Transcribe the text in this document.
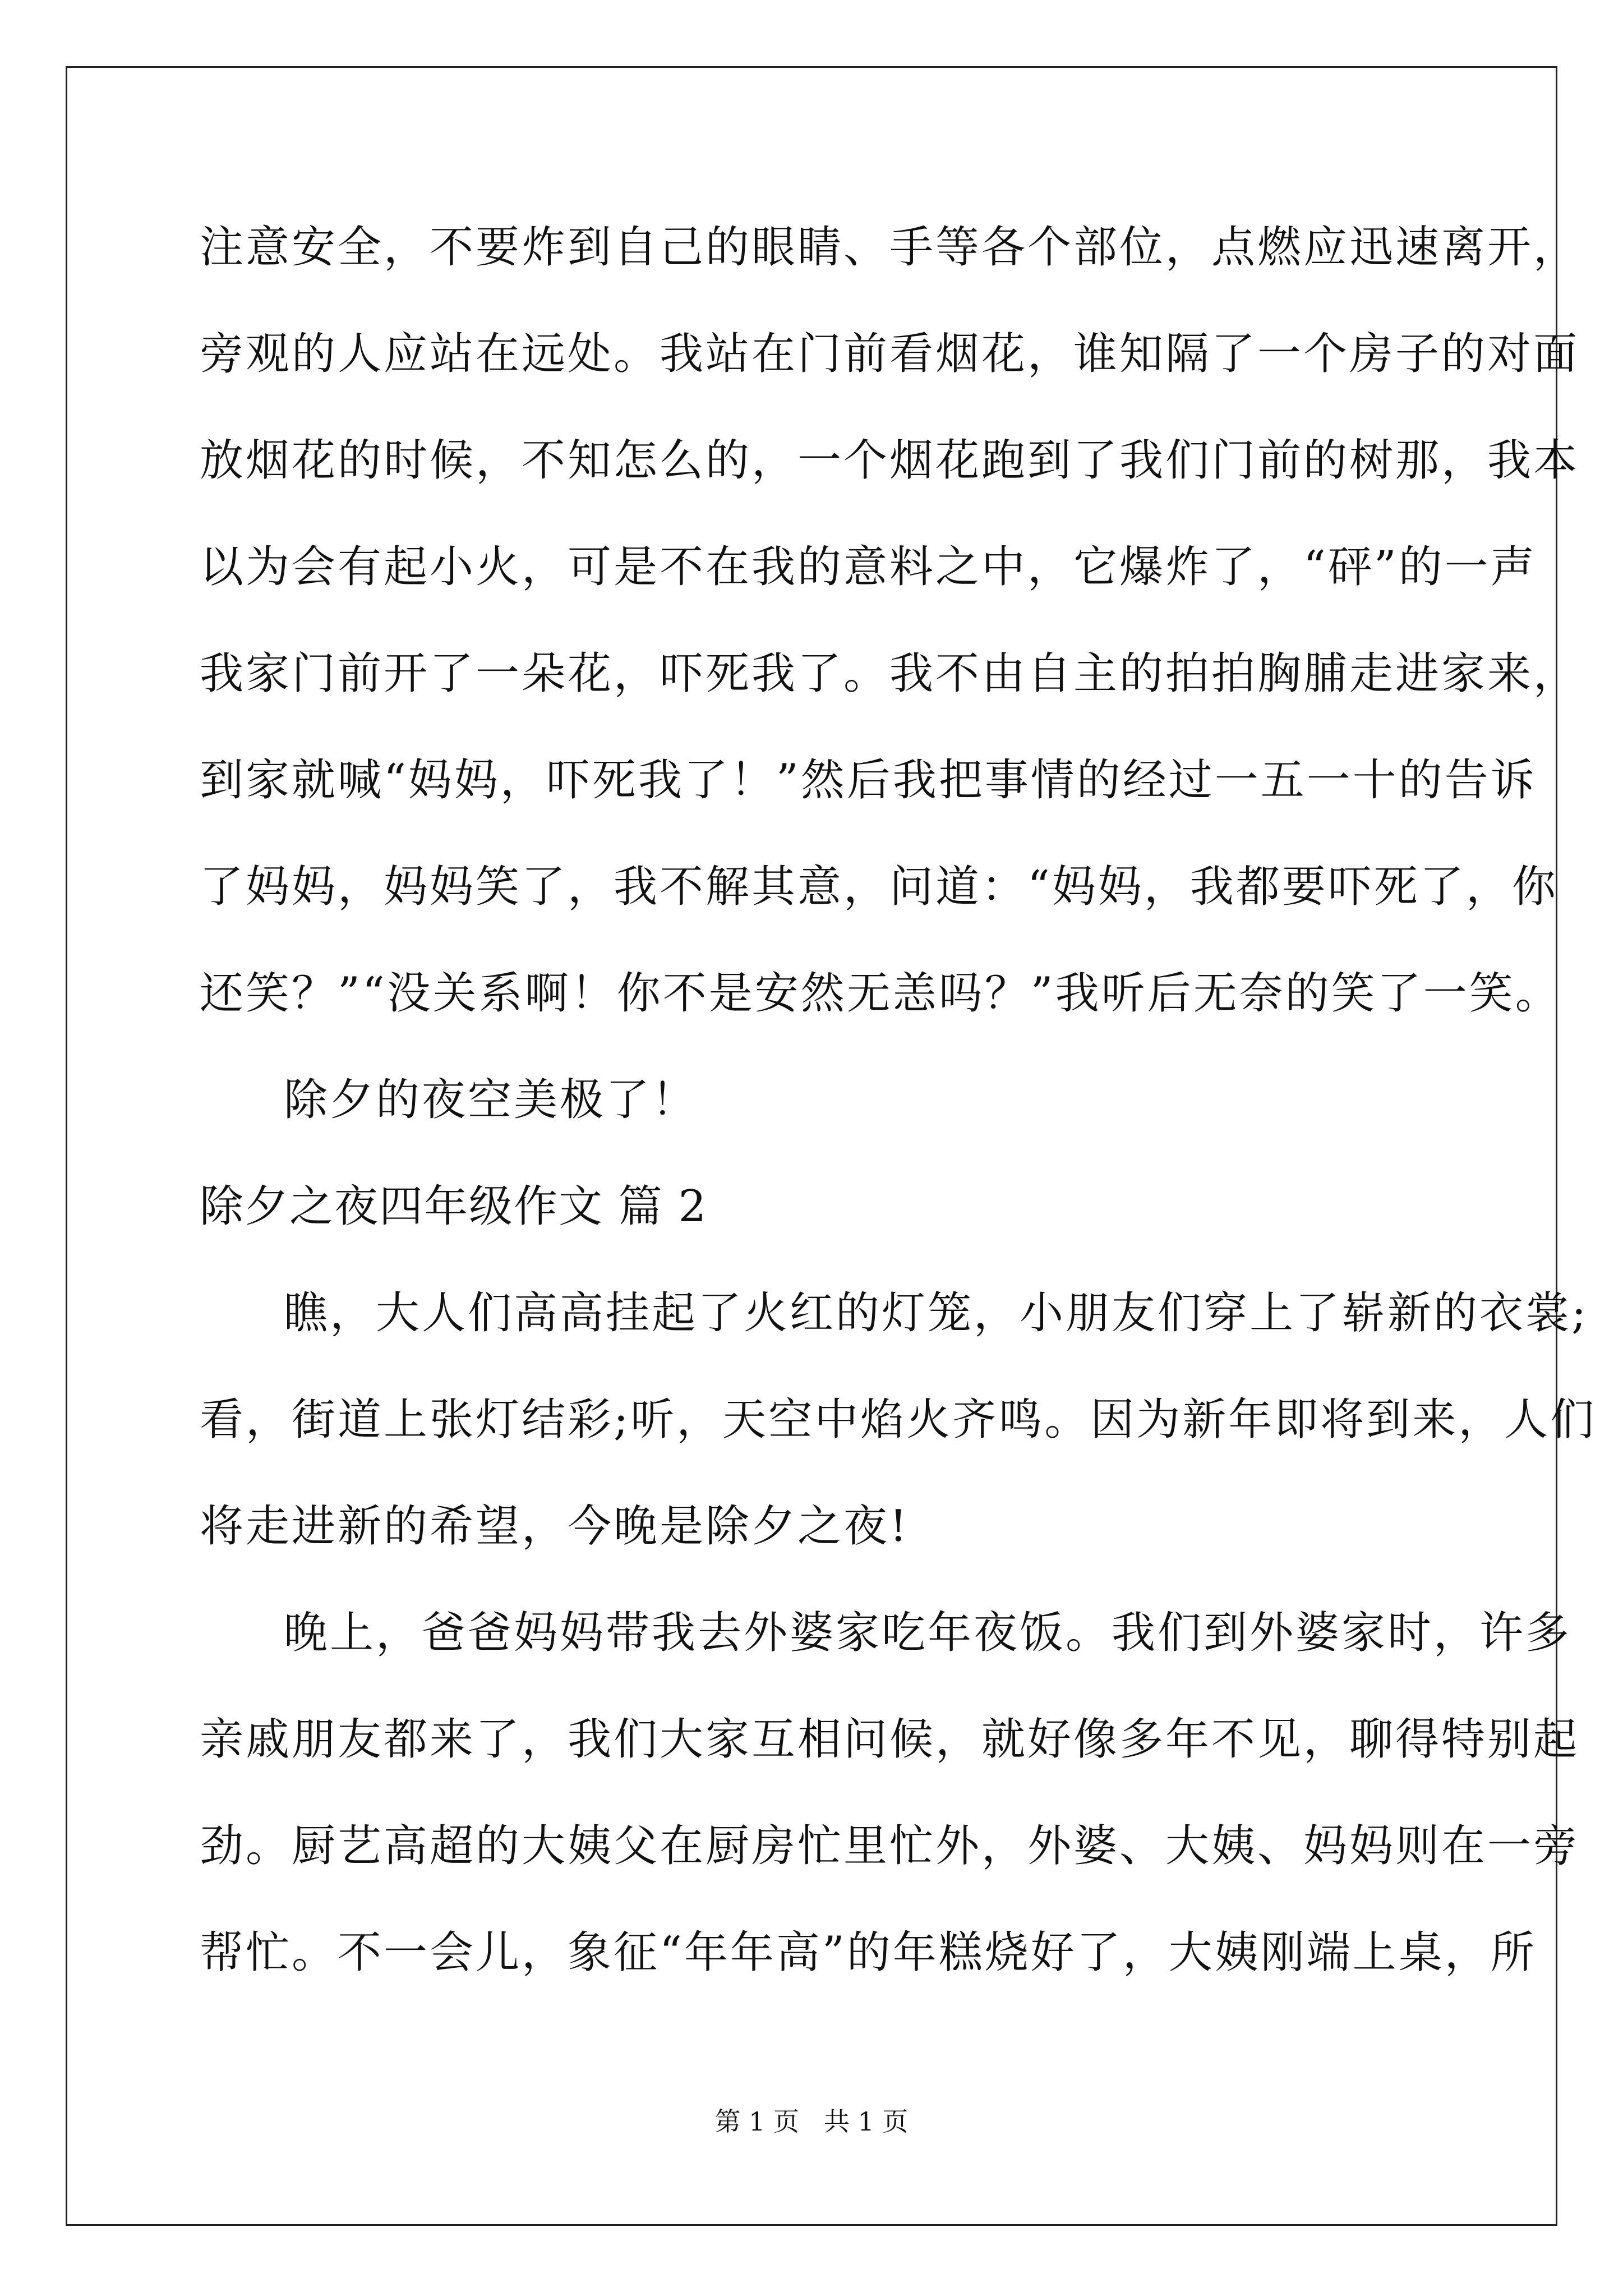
注意安全，不要炸到自己的眼睛、手等各个部位，点燃应迅速离开，
旁观的人应站在远处。我站在门前看烟花，谁知隔了一个房子的对面
放烟花的时候，不知怎么的，一个烟花跑到了我们门前的树那，我本
以为会有起小火，可是不在我的意料之中，它爆炸了，“砰”的一声
我家门前开了一朵花，吓死我了。我不由自主的拍拍胸脯走进家来，
到家就喊“妈妈，吓死我了！”然后我把事情的经过一五一十的告诉
了妈妈，妈妈笑了，我不解其意，问道：“妈妈，我都要吓死了，你
还笑？”“没关系啊！你不是安然无恙吗？”我听后无奈的笑了一笑。
除夕的夜空美极了！
除夕之夜四年级作文 篇 2
瞧，大人们高高挂起了火红的灯笼，小朋友们穿上了崭新的衣裳;
看，街道上张灯结彩;听，天空中焰火齐鸣。因为新年即将到来，人们
将走进新的希望，今晚是除夕之夜!
晚上，爸爸妈妈带我去外婆家吃年夜饭。我们到外婆家时，许多
亲戚朋友都来了，我们大家互相问候，就好像多年不见，聊得特别起
劲。厨艺高超的大姨父在厨房忙里忙外，外婆、大姨、妈妈则在一旁
帮忙。不一会儿，象征“年年高”的年糕烧好了，大姨刚端上桌，所
第 1 页   共 1 页
